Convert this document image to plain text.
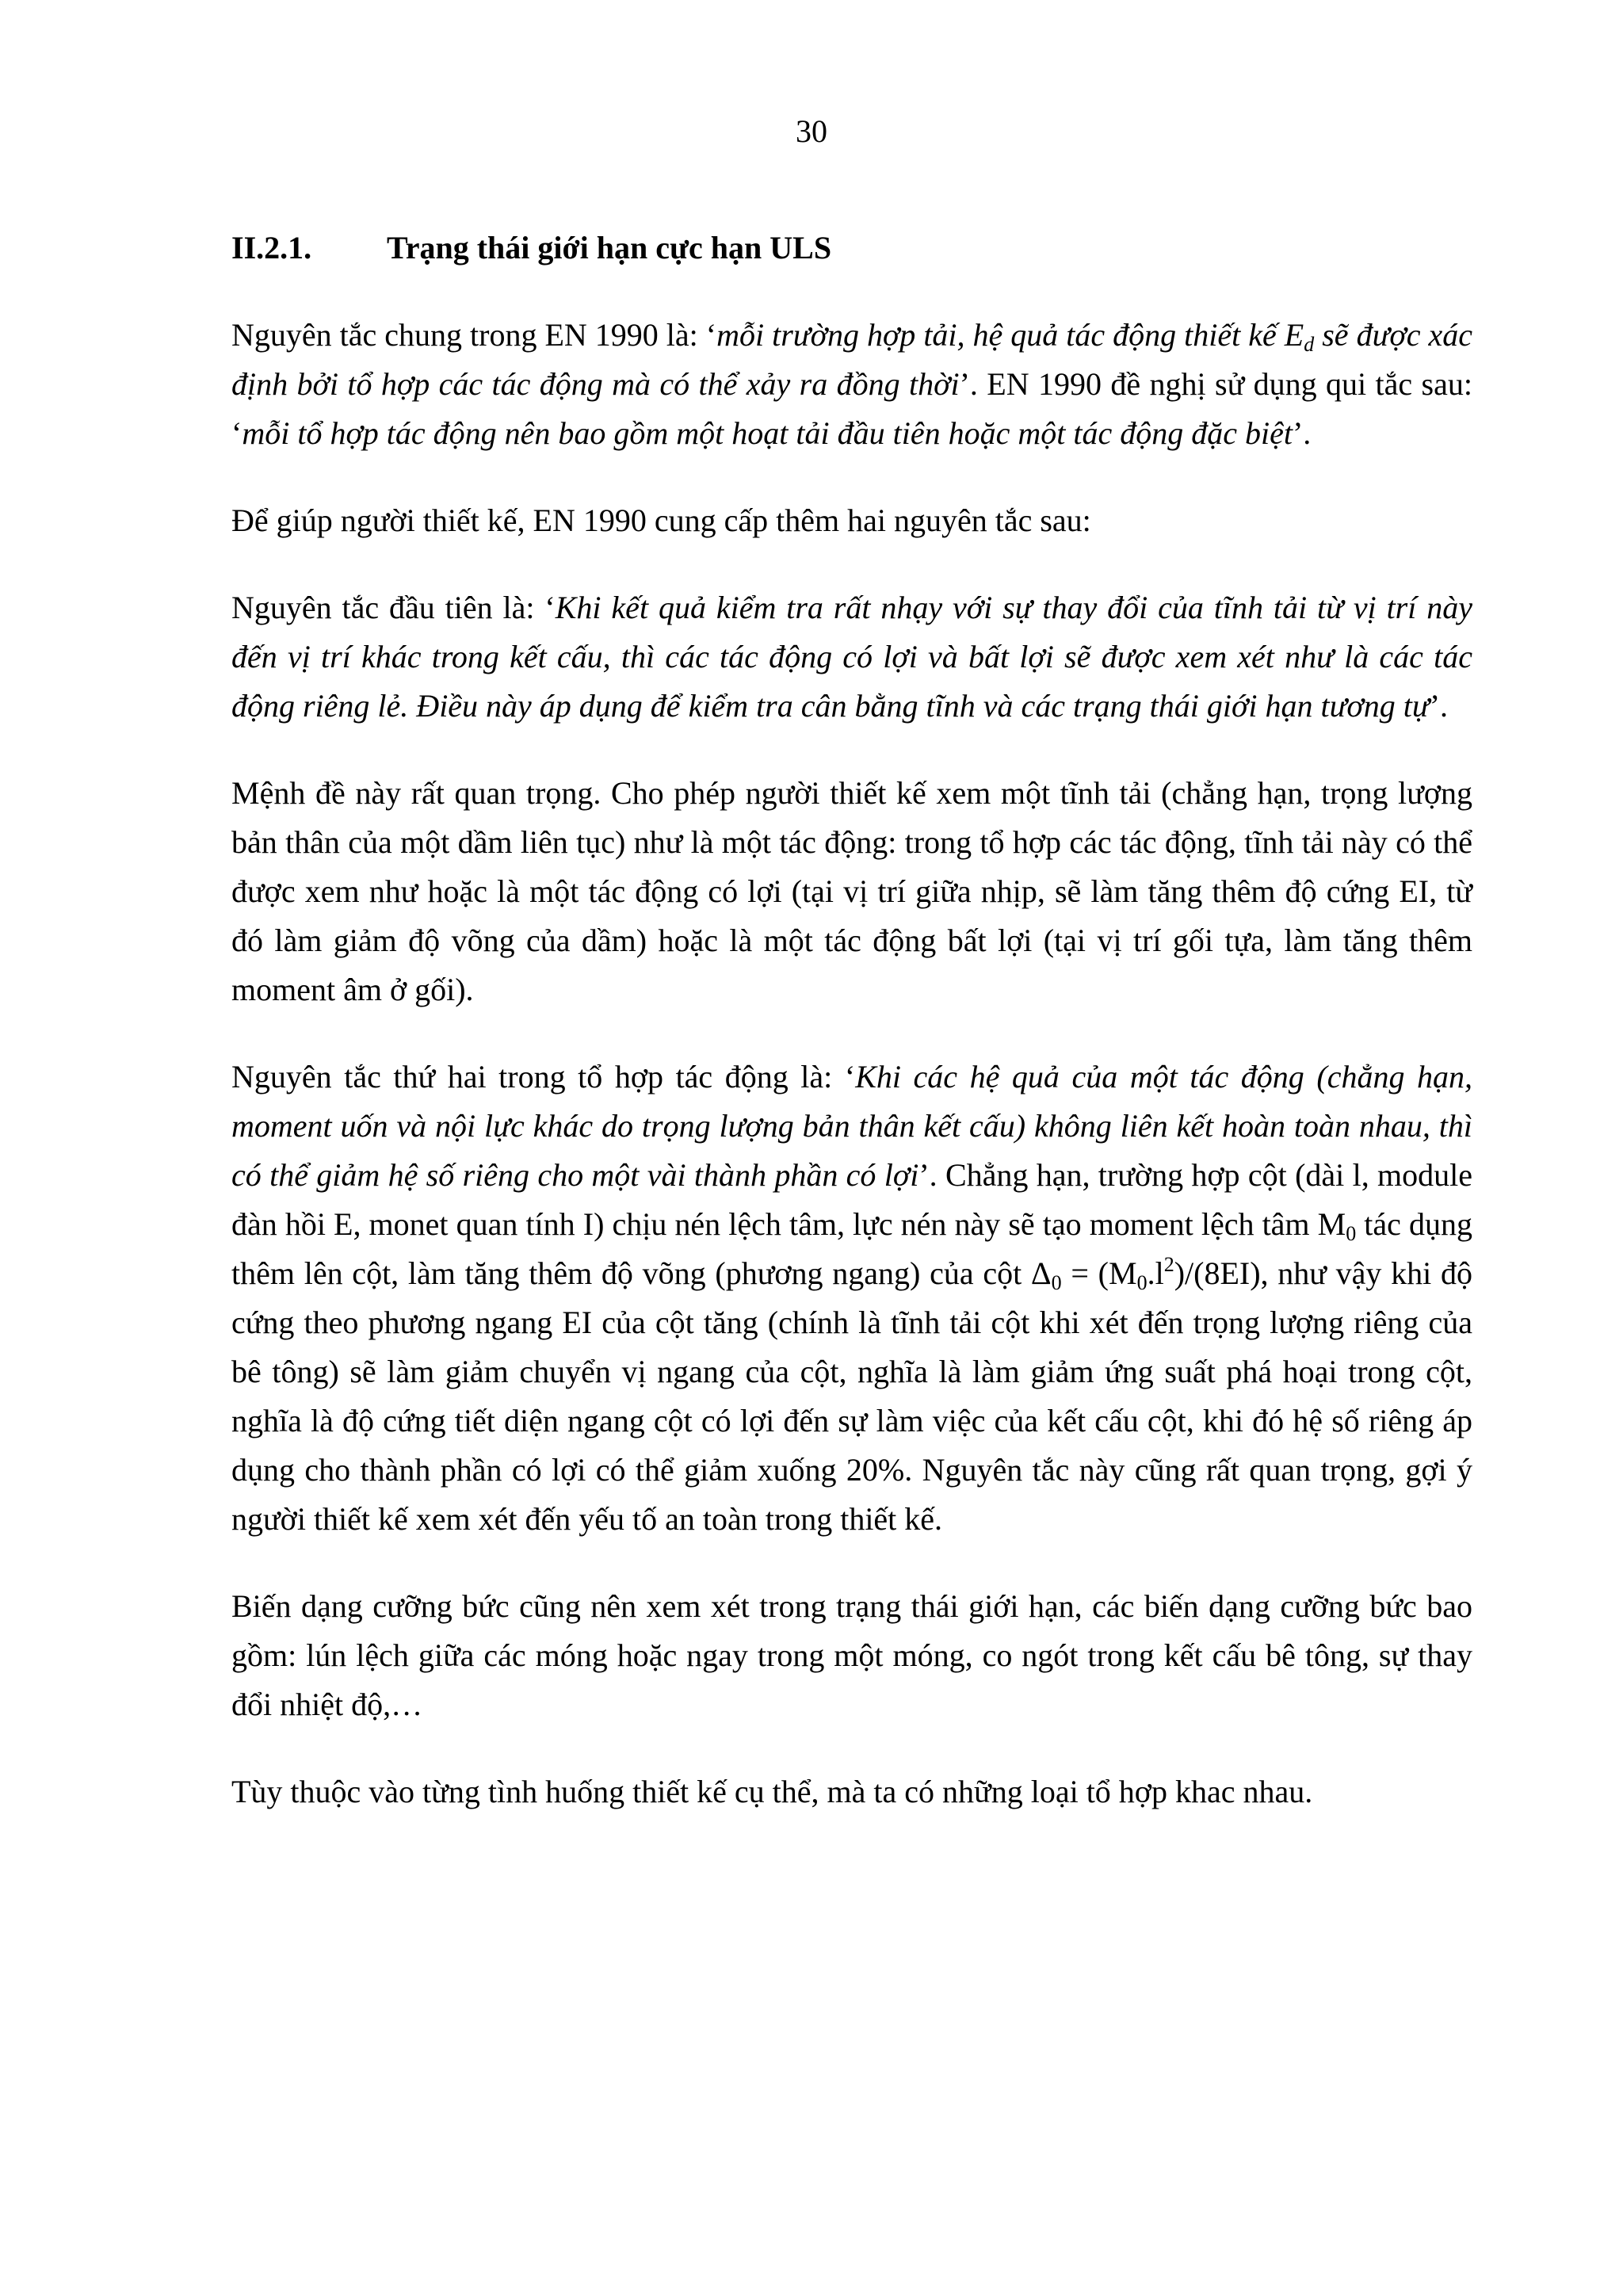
30
II.2.1. Trạng thái giới hạn cực hạn ULS

Nguyên tắc chung trong EN 1990 là: ‘mỗi trường hợp tải, hệ quả tác động thiết kế $E_d$ sẽ được xác định bởi tổ hợp các tác động mà có thể xảy ra đồng thời’. EN 1990 đề nghị sử dụng qui tắc sau: ‘mỗi tổ hợp tác động nên bao gồm một hoạt tải đầu tiên hoặc một tác động đặc biệt’.

Để giúp người thiết kế, EN 1990 cung cấp thêm hai nguyên tắc sau:

Nguyên tắc đầu tiên là: ‘Khi kết quả kiểm tra rất nhạy với sự thay đổi của tĩnh tải từ vị trí này đến vị trí khác trong kết cấu, thì các tác động có lợi và bất lợi sẽ được xem xét như là các tác động riêng lẻ. Điều này áp dụng để kiểm tra cân bằng tĩnh và các trạng thái giới hạn tương tự’.

Mệnh đề này rất quan trọng. Cho phép người thiết kế xem một tĩnh tải (chẳng hạn, trọng lượng bản thân của một dầm liên tục) như là một tác động: trong tổ hợp các tác động, tĩnh tải này có thể được xem như hoặc là một tác động có lợi (tại vị trí giữa nhịp, sẽ làm tăng thêm độ cứng EI, từ đó làm giảm độ võng của dầm) hoặc là một tác động bất lợi (tại vị trí gối tựa, làm tăng thêm moment âm ở gối).

Nguyên tắc thứ hai trong tổ hợp tác động là: ‘Khi các hệ quả của một tác động (chẳng hạn, moment uốn và nội lực khác do trọng lượng bản thân kết cấu) không liên kết hoàn toàn nhau, thì có thể giảm hệ số riêng cho một vài thành phần có lợi’. Chẳng hạn, trường hợp cột (dài l, module đàn hồi E, monet quan tính I) chịu nén lệch tâm, lực nén này sẽ tạo moment lệch tâm $M_0$ tác dụng thêm lên cột, làm tăng thêm độ võng (phương ngang) của cột $\Delta_0 = (M_0.l^2)/(8EI)$, như vậy khi độ cứng theo phương ngang EI của cột tăng (chính là tĩnh tải cột khi xét đến trọng lượng riêng của bê tông) sẽ làm giảm chuyển vị ngang của cột, nghĩa là làm giảm ứng suất phá hoại trong cột, nghĩa là độ cứng tiết diện ngang cột có lợi đến sự làm việc của kết cấu cột, khi đó hệ số riêng áp dụng cho thành phần có lợi có thể giảm xuống 20%. Nguyên tắc này cũng rất quan trọng, gợi ý người thiết kế xem xét đến yếu tố an toàn trong thiết kế.

Biến dạng cưỡng bức cũng nên xem xét trong trạng thái giới hạn, các biến dạng cưỡng bức bao gồm: lún lệch giữa các móng hoặc ngay trong một móng, co ngót trong kết cấu bê tông, sự thay đổi nhiệt độ,…

Tùy thuộc vào từng tình huống thiết kế cụ thể, mà ta có những loại tổ hợp khac nhau.
